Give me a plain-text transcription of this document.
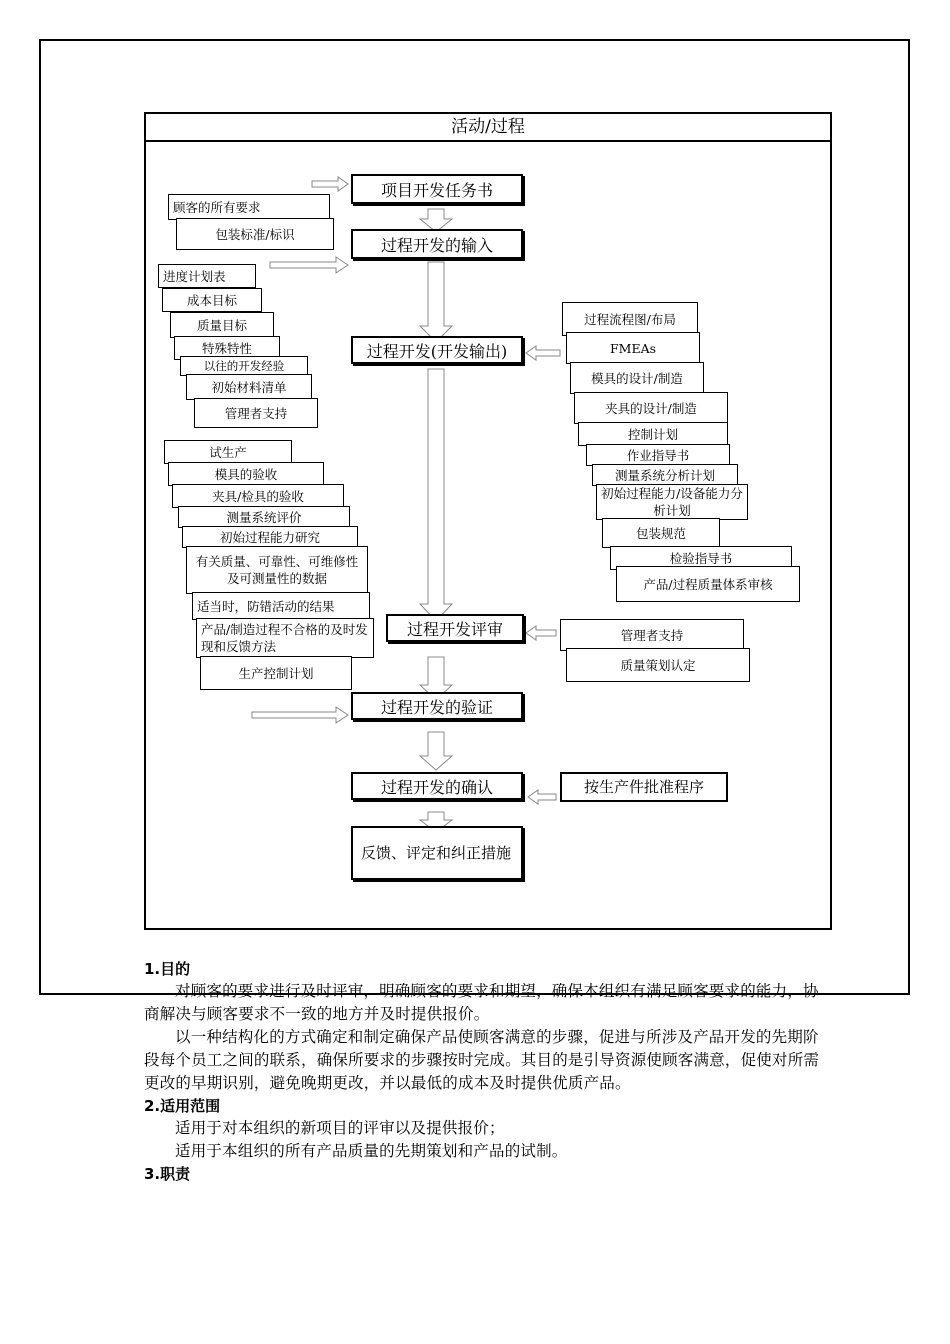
活动/过程
项目开发任务书
过程开发的输入
过程开发(开发输出)
过程开发评审
过程开发的验证
过程开发的确认
反馈、评定和纠正措施
顾客的所有要求
包装标准/标识
进度计划表
成本目标
质量目标
特殊特性
以往的开发经验
初始材料清单
管理者支持
试生产
模具的验收
夹具/检具的验收
测量系统评价
初始过程能力研究
有关质量、可靠性、可维修性及可测量性的数据
适当时，防错活动的结果
产品/制造过程不合格的及时发现和反馈方法
生产控制计划
过程流程图/布局
FMEAs
模具的设计/制造
夹具的设计/制造
控制计划
作业指导书
测量系统分析计划
初始过程能力/设备能力分析计划
包装规范
检验指导书
产品/过程质量体系审核
管理者支持
质量策划认定
按生产件批准程序

1.目的

对顾客的要求进行及时评审，明确顾客的要求和期望，确保本组织有满足顾客要求的能力，协商解决与顾客要求不一致的地方并及时提供报价。

以一种结构化的方式确定和制定确保产品使顾客满意的步骤，促进与所涉及产品开发的先期阶段每个员工之间的联系，确保所要求的步骤按时完成。其目的是引导资源使顾客满意，促使对所需更改的早期识别，避免晚期更改，并以最低的成本及时提供优质产品。

2.适用范围

适用于对本组织的新项目的评审以及提供报价；

适用于本组织的所有产品质量的先期策划和产品的试制。

3.职责
